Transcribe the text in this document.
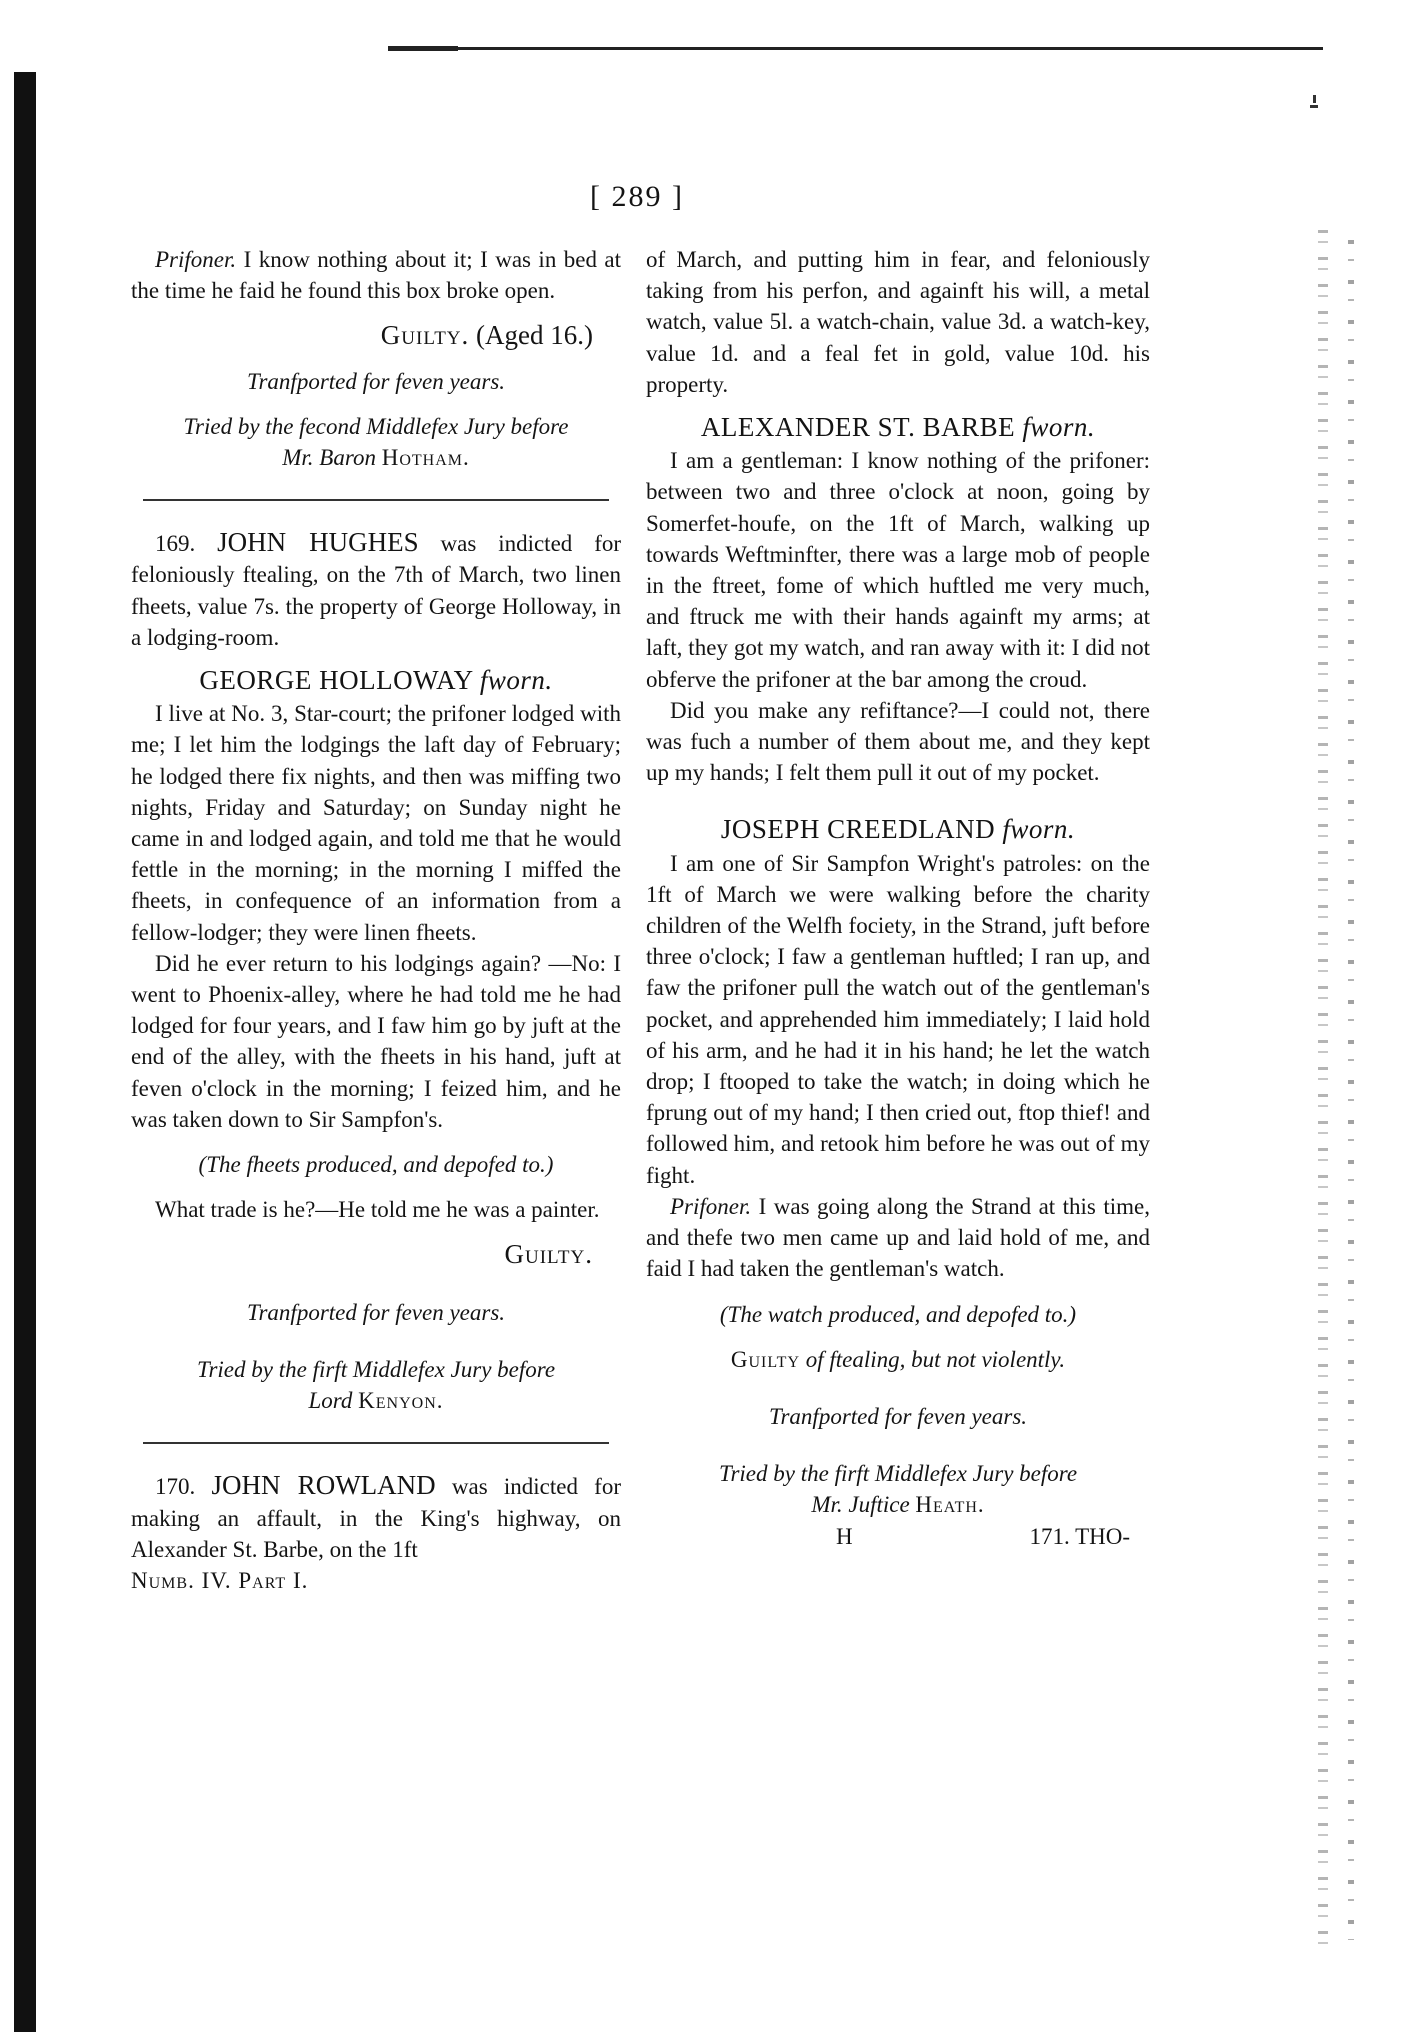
[ 289 ]

Prifoner. I know nothing about it; I was in bed at the time he faid he found this box broke open.

Guilty. (Aged 16.)

Tranfported for feven years.

Tried by the fecond Middlefex Jury before

Mr. Baron Hotham.

169. JOHN HUGHES was indicted for feloniously ftealing, on the 7th of March, two linen fheets, value 7s. the property of George Holloway, in a lodging-room.

GEORGE HOLLOWAY fworn.

I live at No. 3, Star-court; the prifoner lodged with me; I let him the lodgings the laft day of February; he lodged there fix nights, and then was miffing two nights, Friday and Saturday; on Sunday night he came in and lodged again, and told me that he would fettle in the morning; in the morning I miffed the fheets, in confequence of an information from a fellow-lodger; they were linen fheets.

Did he ever return to his lodgings again? —No: I went to Phoenix-alley, where he had told me he had lodged for four years, and I faw him go by juft at the end of the alley, with the fheets in his hand, juft at feven o'clock in the morning; I feized him, and he was taken down to Sir Sampfon's.

(The fheets produced, and depofed to.)

What trade is he?—He told me he was a painter.

Guilty.

Tranfported for feven years.

Tried by the firft Middlefex Jury before

Lord Kenyon.

170. JOHN ROWLAND was indicted for making an affault, in the King's highway, on Alexander St. Barbe, on the 1ft

Numb. IV. Part I.

of March, and putting him in fear, and feloniously taking from his perfon, and againft his will, a metal watch, value 5l. a watch-chain, value 3d. a watch-key, value 1d. and a feal fet in gold, value 10d. his property.

ALEXANDER ST. BARBE fworn.

I am a gentleman: I know nothing of the prifoner: between two and three o'clock at noon, going by Somerfet-houfe, on the 1ft of March, walking up towards Weftminfter, there was a large mob of people in the ftreet, fome of which huftled me very much, and ftruck me with their hands againft my arms; at laft, they got my watch, and ran away with it: I did not obferve the prifoner at the bar among the croud.

Did you make any refiftance?—I could not, there was fuch a number of them about me, and they kept up my hands; I felt them pull it out of my pocket.

JOSEPH CREEDLAND fworn.

I am one of Sir Sampfon Wright's patroles: on the 1ft of March we were walking before the charity children of the Welfh fociety, in the Strand, juft before three o'clock; I faw a gentleman huftled; I ran up, and faw the prifoner pull the watch out of the gentleman's pocket, and apprehended him immediately; I laid hold of his arm, and he had it in his hand; he let the watch drop; I ftooped to take the watch; in doing which he fprung out of my hand; I then cried out, ftop thief! and followed him, and retook him before he was out of my fight.

Prifoner. I was going along the Strand at this time, and thefe two men came up and laid hold of me, and faid I had taken the gentleman's watch.

(The watch produced, and depofed to.)

Guilty of ftealing, but not violently.

Tranfported for feven years.

Tried by the firft Middlefex Jury before

Mr. Juftice Heath.

H	171. THO-
